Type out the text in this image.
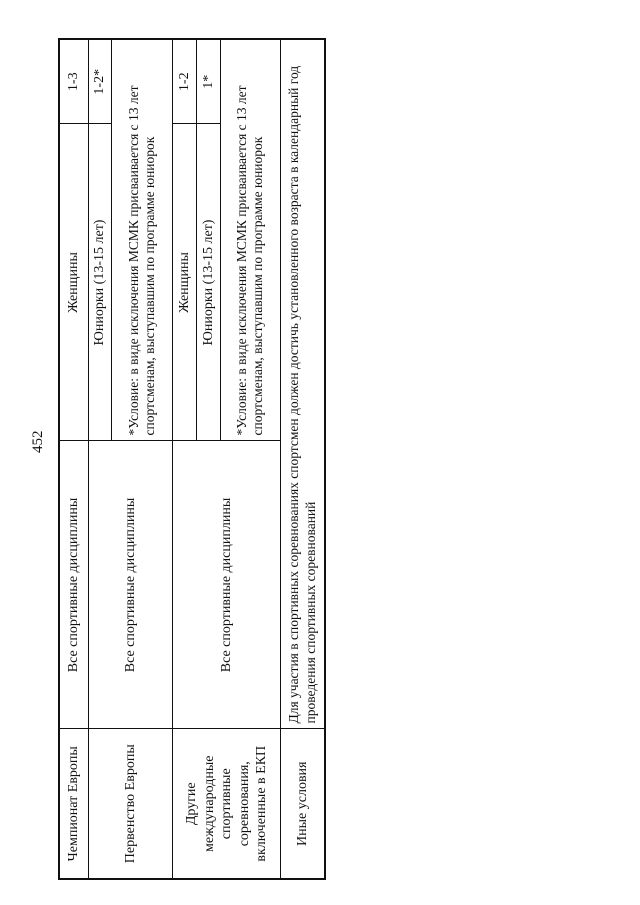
452
Чемпионат Европы	Все спортивные дисциплины	Женщины	1-3
Первенство Европы	Все спортивные дисциплины	Юниорки (13-15 лет)	1-2*
		*Условие: в виде исключения МСМК присваивается с 13 лет спортсменам, выступавшим по программе юниорок	
Другие международные спортивные соревнования, включенные в ЕКП	Все спортивные дисциплины	Женщины	1-2
		Юниорки (13-15 лет)	1*
		*Условие: в виде исключения МСМК присваивается с 13 лет спортсменам, выступавшим по программе юниорок	
Иные условия	Для участия в спортивных соревнованиях спортсмен должен достичь установленного возраста в календарный год проведения спортивных соревнований		
